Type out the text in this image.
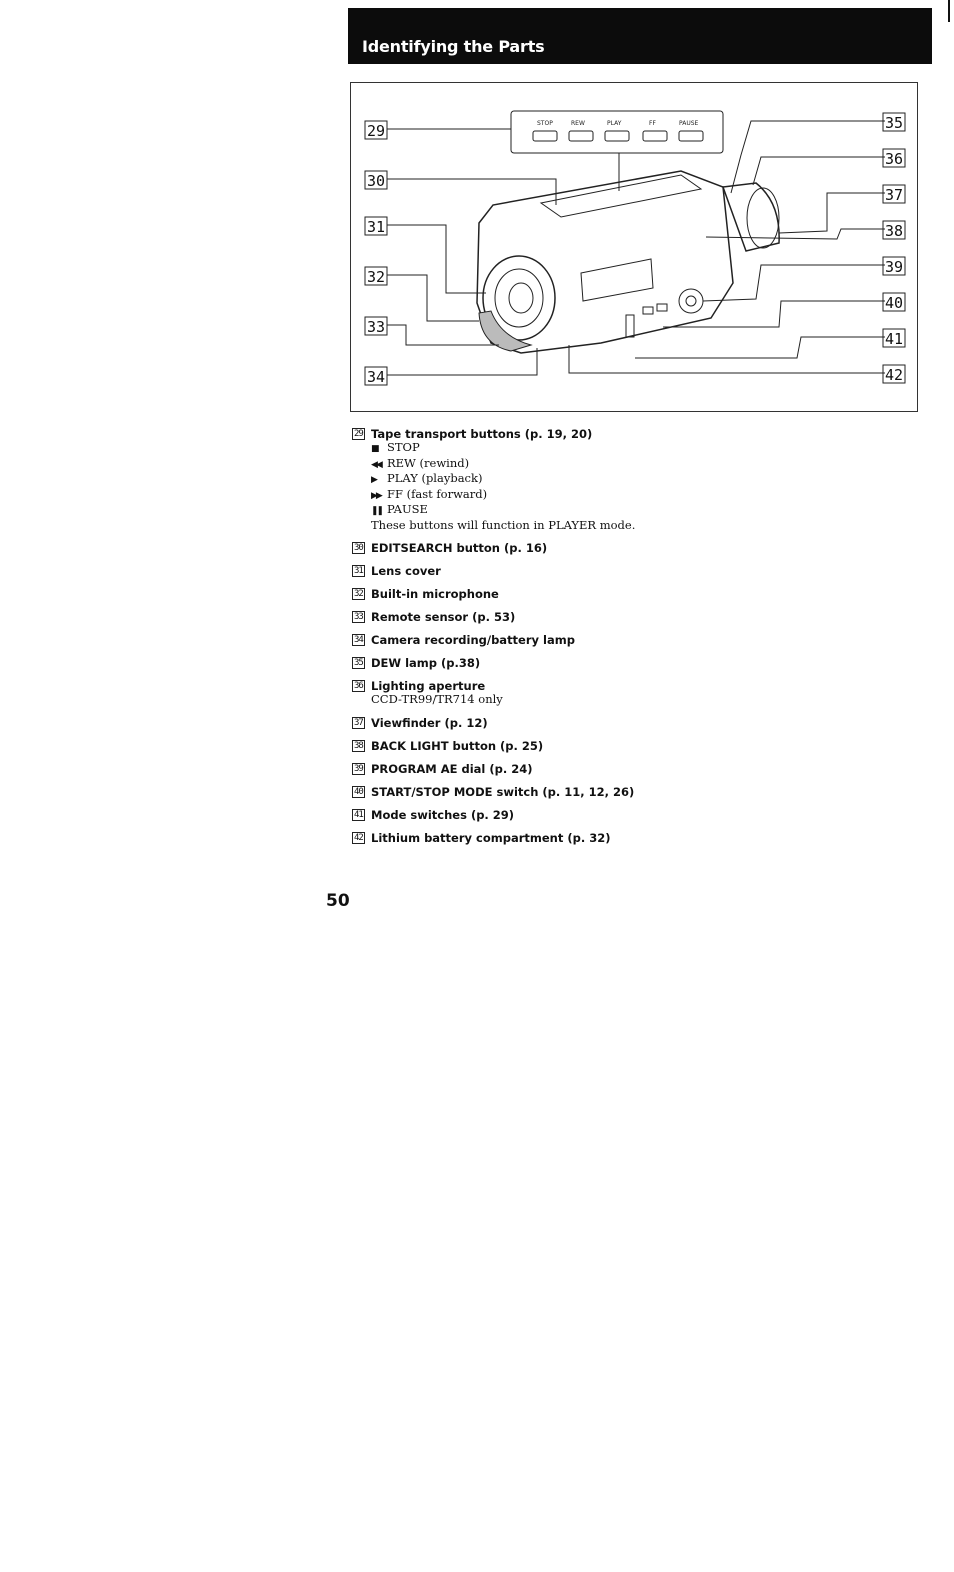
Identifying the Parts
29
30
31
32
33
34
35
36
37
38
39
40
41
42
STOP	REW	PLAY	FF	PAUSE
29 Tape transport buttons (p. 19, 20)
■ STOP
◀◀ REW (rewind)
▶ PLAY (playback)
▶▶ FF (fast forward)
❚❚ PAUSE
These buttons will function in PLAYER mode.
30 EDITSEARCH button (p. 16)
31 Lens cover
32 Built-in microphone
33 Remote sensor (p. 53)
34 Camera recording/battery lamp
35 DEW lamp (p.38)
36 Lighting aperture
CCD-TR99/TR714 only
37 Viewfinder (p. 12)
38 BACK LIGHT button (p. 25)
39 PROGRAM AE dial (p. 24)
40 START/STOP MODE switch (p. 11, 12, 26)
41 Mode switches (p. 29)
42 Lithium battery compartment (p. 32)
50
